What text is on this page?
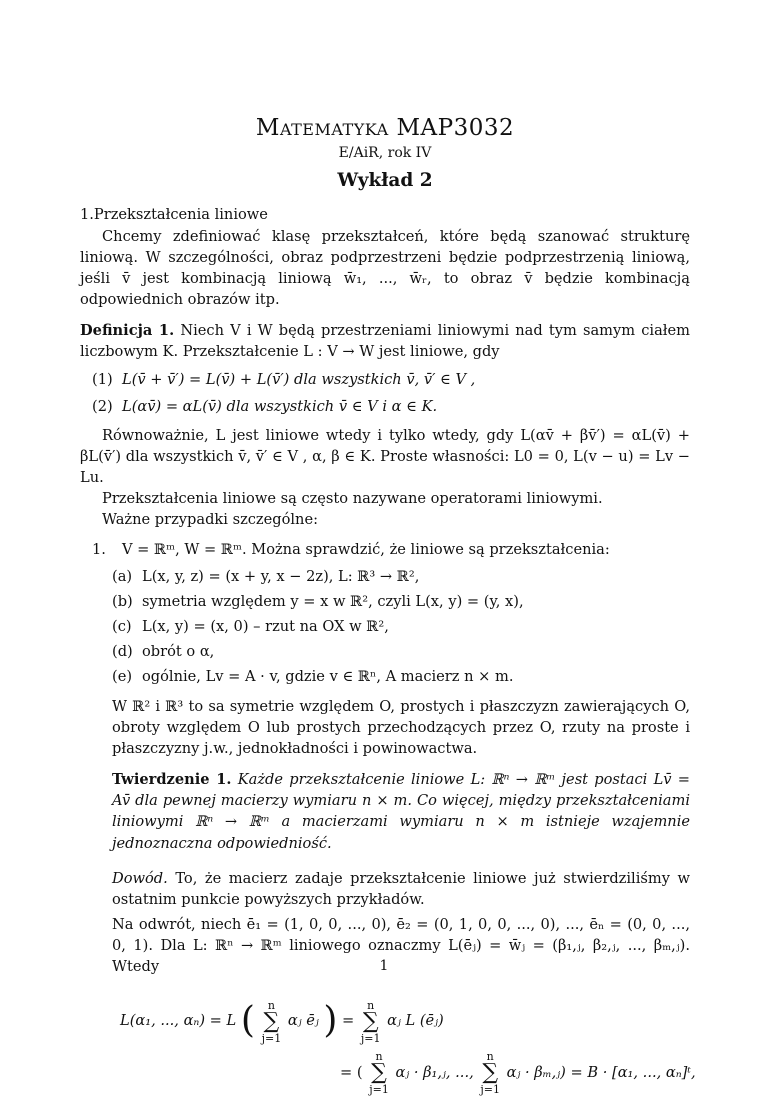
Matematyka MAP3032
E/AiR, rok IV
Wykład 2

1.Przekształcenia liniowe

Chcemy zdefiniować klasę przekształceń, które będą szanować strukturę liniową. W szczególności, obraz podprzestrzeni będzie podprzestrzenią liniową, jeśli v̄ jest kombinacją liniową w̄₁, ..., w̄ᵣ, to obraz v̄ będzie kombinacją odpowiednich obrazów itp.

Definicja 1. Niech V i W będą przestrzeniami liniowymi nad tym samym ciałem liczbowym K. Przekształcenie L : V → W jest liniowe, gdy

(1) L(v̄ + v̄′) = L(v̄) + L(v̄′) dla wszystkich v̄, v̄′ ∈ V ,
(2) L(αv̄) = αL(v̄) dla wszystkich v̄ ∈ V i α ∈ K.

Równoważnie, L jest liniowe wtedy i tylko wtedy, gdy L(αv̄ + βv̄′) = αL(v̄) + βL(v̄′) dla wszystkich v̄, v̄′ ∈ V , α, β ∈ K. Proste własności: L0 = 0, L(v − u) = Lv − Lu.

Przekształcenia liniowe są często nazywane operatorami liniowymi.

Ważne przypadki szczególne:

1.	V = ℝᵐ, W = ℝᵐ. Można sprawdzić, że liniowe są przekształcenia:
(a) L(x, y, z) = (x + y, x − 2z), L: ℝ³ → ℝ²,
(b) symetria względem y = x w ℝ², czyli L(x, y) = (y, x),
(c) L(x, y) = (x, 0) – rzut na OX w ℝ²,
(d) obrót o α,
(e) ogólnie, Lv = A · v, gdzie v ∈ ℝⁿ, A macierz n × m.

W ℝ² i ℝ³ to sa symetrie względem O, prostych i płaszczyzn zawierających O, obroty względem O lub prostych przechodzących przez O, rzuty na proste i płaszczyzny j.w., jednokładności i powinowactwa.

Twierdzenie 1. Każde przekształcenie liniowe L: ℝⁿ → ℝᵐ jest postaci Lv̄ = Av̄ dla pewnej macierzy wymiaru n × m. Co więcej, między przekształceniami liniowymi ℝⁿ → ℝᵐ a macierzami wymiaru n × m istnieje wzajemnie jednoznaczna odpowiedniość.

Dowód. To, że macierz zadaje przekształcenie liniowe już stwierdziliśmy w ostatnim punkcie powyższych przykładów.

Na odwrót, niech ē₁ = (1, 0, 0, ..., 0), ē₂ = (0, 1, 0, 0, ..., 0), ..., ēₙ = (0, 0, ..., 0, 1). Dla L: ℝⁿ → ℝᵐ liniowego oznaczmy L(ēⱼ) = w̄ⱼ = (β₁,ⱼ, β₂,ⱼ, ..., βₘ,ⱼ). Wtedy

L(α₁, ..., αₙ) = L ( n
∑
j=1
αⱼ ēⱼ ) =
n
∑
j=1
αⱼ L (ēⱼ)
= (
n
∑
j=1
αⱼ · β₁,ⱼ, ...,
n
∑
j=1
αⱼ · βₘ,ⱼ) = B · [α₁, ..., αₙ]ᵗ,
1
